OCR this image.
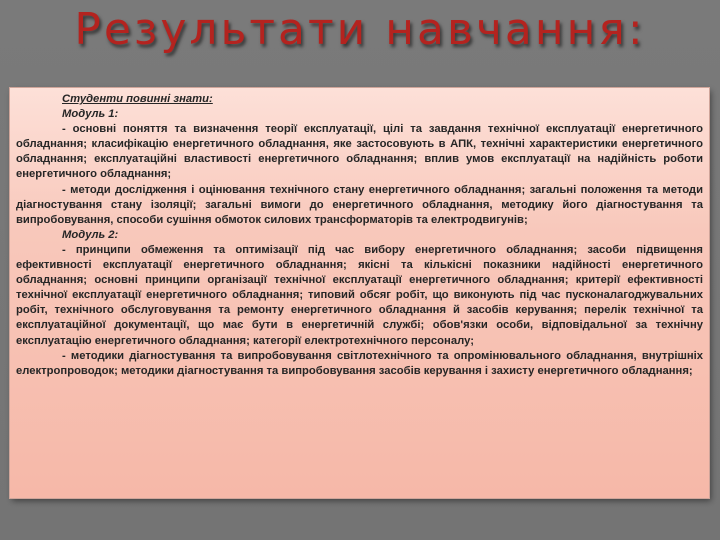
Результати навчання:

Студенти повинні знати:

Модуль 1:

- основні поняття та визначення теорії експлуатації, цілі та завдання технічної експлуатації енергетичного обладнання; класифікацію енергетичного обладнання, яке застосовують в АПК, технічні характеристики енергетичного обладнання; експлуатаційні властивості енергетичного обладнання; вплив умов експлуатації на надійність роботи енергетичного обладнання;

- методи дослідження і оцінювання технічного стану енергетичного обладнання; загальні положення та методи діагностування стану ізоляції; загальні вимоги до енергетичного обладнання, методику його діагностування та випробовування, способи сушіння обмоток силових трансформаторів та електродвигунів;

Модуль 2:

- принципи обмеження та оптимізації під час вибору енергетичного обладнання; засоби підвищення ефективності експлуатації енергетичного обладнання; якісні та кількісні показники надійності енергетичного обладнання; основні принципи організації технічної експлуатації енергетичного обладнання; критерії ефективності технічної експлуатації енергетичного обладнання; типовий обсяг робіт, що виконують під час пусконалагоджувальних робіт, технічного обслуговування та ремонту енергетичного обладнання й засобів керування; перелік технічної та експлуатаційної документації, що має бути в енергетичній службі; обов'язки особи, відповідальної за технічну експлуатацію енергетичного обладнання; категорії електротехнічного персоналу;

- методики діагностування та випробовування світлотехнічного та опромінювального обладнання, внутрішніх електропроводок; методики діагностування та випробовування засобів керування і захисту енергетичного обладнання;
